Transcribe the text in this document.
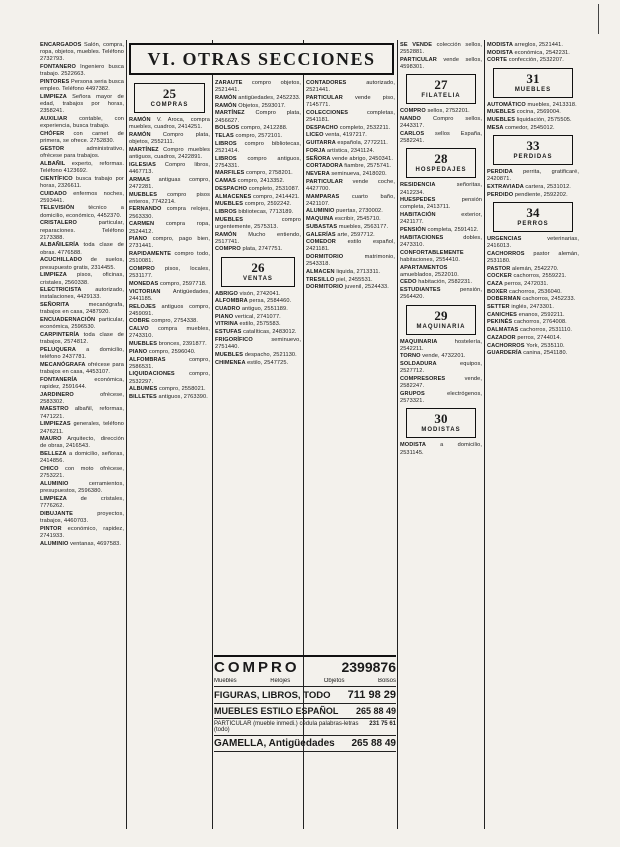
ENCARGADOS Salón, compra, ropa, objetos, muebles. Teléfono 2732793.

FONTANERO Ingeniero busca trabajo. 2522663.

PINTORES Persona seria busca empleo. Teléfono 4497382.

LIMPIEZA Señora mayor de edad, trabajos por horas, 2358241.

AUXILIAR contable, con experiencia, busca trabajo.

CHÓFER con carnet de primera, se ofrece. 2752830.

GESTOR administrativo, ofrécese para trabajos.

ALBAÑIL experto, reformas. Teléfono 4123692.

CIENTÍFICO busca trabajo por horas, 2326611.

CUIDADO enfermos noches, 2593441.

TELEVISIÓN técnico a domicilio, económico, 4452370.

CRISTALERO particular, reparaciones. Teléfono 2173388.

ALBAÑILERÍA toda clase de obras. 4776588.

ACUCHILLADO de suelos, presupuesto gratis, 2314455.

LIMPIEZA pisos, oficinas, cristales, 2560338.

ELECTRICISTA autorizado, instalaciones, 4429133.

SEÑORITA mecanógrafa, trabajos en casa, 2487920.

ENCUADERNACIÓN particular, económica, 2596530.

CARPINTERÍA toda clase de trabajos, 2574812.

PELUQUERA a domicilio, teléfono 2437781.

MECANÓGRAFA ofrécese para trabajos en casa, 4453107.

FONTANERÍA económica, rapidez, 2591644.

JARDINERO ofrécese, 2583302.

MAESTRO albañil, reformas, 7471221.

LIMPIEZAS generales, teléfono 2476211.

MAURO Arquitecto, dirección de obras, 2416543.

BELLEZA a domicilio, señoras, 2414856.

CHICO con moto ofrécese, 2753221.

ALUMINIO cerramientos, presupuestos, 2596380.

LIMPIEZA de cristales, 7776262.

DIBUJANTE proyectos, trabajos, 4460703.

PINTOR económico, rapidez, 2741933.

ALUMINIO ventanas, 4697583.

VI. OTRAS SECCIONES
25
COMPRAS

RAMÓN V. Aroca, compra muebles, cuadros, 2414251.

RAMÓN Compro plata, objetos, 2552111.

MARTÍNEZ Compro muebles antiguos, cuadros, 2422891.

IGLESIAS Compro libros, 4467713.

ARMAS antiguas compro, 2472281.

MUEBLES compro pisos enteros, 7742214.

FERNANDO compra relojes, 2563330.

CARMEN compra ropa, 2524412.

PIANO compro, pago bien, 2731441.

RAPIDAMENTE compro todo, 2510081.

COMPRO pisos, locales, 2531177.

MONEDAS compro, 2597718.

VICTORIAN Antigüedades, 2441185.

RELOJES antiguos compro, 2459091.

COBRE compro, 2754338.

CALVO compra muebles, 2743310.

MUEBLES bronces, 2391877.

PIANO compro, 2596040.

ALFOMBRAS compro, 2586531.

LIQUIDACIONES compro, 2532297.

ALBUMES compro, 2558021.

BILLETES antiguos, 2763390.

ZARAUTE compro objetos, 2521441.

RAMÓN antigüedades, 2452233.

RAMÓN Objetos, 2593017.

MARTÍNEZ Compro plata, 2456627.

BOLSOS compro, 2412288.

TELAS compro, 2572101.

LIBROS compro bibliotecas, 2521414.

LIBROS compro antiguos, 2754331.

MARFILES compro, 2758201.

CAMAS compro, 2413352.

DESPACHO completo, 2531087.

ALMACENES compro, 2414421.

MUEBLES compro, 2592242.

LIBROS bibliotecas, 7713189.

MUEBLES compro urgentemente, 2575313.

RAMÓN Mucho entiendo, 2517741.

COMPRO plata, 2747751.

26
VENTAS

ABRIGO visón, 2742041.

ALFOMBRA persa, 2584460.

CUADRO antiguo, 2551189.

PIANO vertical, 2741077.

VITRINA estilo, 2575583.

ESTUFAS catalíticas, 2483012.

FRIGORÍFICO seminuevo, 2751440.

MUEBLES despacho, 2521130.

CHIMENEA estilo, 2547725.

CONTADORES autorizado, 2521441.

PARTICULAR vende piso, 7145771.

COLECCIONES completas, 2541181.

DESPACHO completo, 2532211.

LICEO venta, 4197217.

GUITARRA española, 2772211.

FORJA artística, 2341124.

SEÑORA vende abrigo, 2450341.

CORTADORA fiambre, 2575741.

NEVERA seminueva, 2418020.

PARTICULAR vende coche, 4427700.

MAMPARAS cuarto baño, 2421107.

ALUMINIO puertas, 2730002.

MAQUINA escribir, 2545710.

SUBASTAS muebles, 2563177.

GALERÍAS arte, 2597712.

COMEDOR estilo español, 2421181.

DORMITORIO matrimonio, 2543318.

ALMACEN liquida, 2713311.

TRESILLO piel, 2455531.

DORMITORIO juvenil, 2524433.

COMPRO	2399876
Muebles	Relojes	Objetos	Bolsos
FIGURAS, LIBROS, TODO 711 98 29
MUEBLES ESTILO ESPAÑOL 265 88 49
PARTICULAR (mueble inmedi.) cédula palabras-letras (todo)
231 75 61
GAMELLA, Antigüedades 265 88 49

SE VENDE colección sellos, 2552881.

PARTICULAR vende sellos, 4598301.

27
FILATELIA

COMPRO sellos, 2752201.

NANDO Compro sellos, 2443317.

CARLOS sellos España, 2582241.

28
HOSPEDAJES

RESIDENCIA señoritas, 2412234.

HUESPEDES pensión completa, 2413711.

HABITACIÓN exterior, 2421177.

PENSIÓN completa, 2591412.

HABITACIONES dobles, 2473310.

CONFORTABLEMENTE habitaciones, 2554410.

APARTAMENTOS amueblados, 2522010.

CEDO habitación, 2582231.

ESTUDIANTES pensión, 2564420.

29
MAQUINARIA

MAQUINARIA hostelería, 2542211.

TORNO vende, 4732201.

SOLDADURA equipos, 2527712.

COMPRESORES vende, 2582247.

GRUPOS electrógenos, 2573321.

30
MODISTAS

MODISTA a domicilio, 2531145.

MODISTA arreglos, 2521441.

MODISTA económica, 2542231.

CORTE confección, 2532207.

31
MUEBLES

AUTOMÁTICO muebles, 2413318.

MUEBLES cocina, 2569004.

MUEBLES liquidación, 2575505.

MESA comedor, 2545012.

33
PERDIDAS

PERDIDA perrita, gratificaré, 2420871.

EXTRAVIADA cartera, 2531012.

PERDIDO pendiente, 2592202.

34
PERROS

URGENCIAS veterinarias, 2416013.

CACHORROS pastor alemán, 2531180.

PASTOR alemán, 2542270.

COCKER cachorros, 2559221.

CAZA perros, 2472031.

BOXER cachorros, 2536040.

DOBERMAN cachorros, 2452233.

SETTER inglés, 2473301.

CANICHES enanos, 2592211.

PEKINÉS cachorros, 2764008.

DALMATAS cachorros, 2531110.

CAZADOR perros, 2744014.

CACHORROS York, 2535110.

GUARDERÍA canina, 2541180.
